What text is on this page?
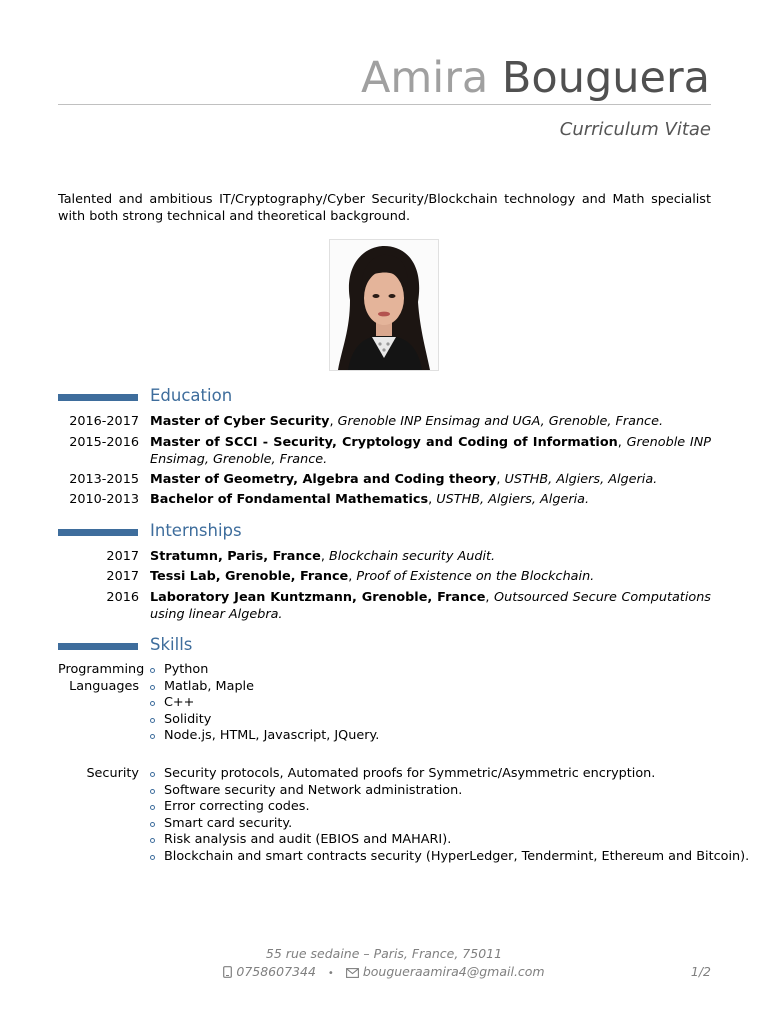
Amira Bouguera
Curriculum Vitae
Talented and ambitious IT/Cryptography/Cyber Security/Blockchain technology and Math specialist with both strong technical and theoretical background.
Education
2016-2017 Master of Cyber Security, Grenoble INP Ensimag and UGA, Grenoble, France.
2015-2016 Master of SCCI - Security, Cryptology and Coding of Information, Grenoble INP Ensimag, Grenoble, France.
2013-2015 Master of Geometry, Algebra and Coding theory, USTHB, Algiers, Algeria.
2010-2013 Bachelor of Fondamental Mathematics, USTHB, Algiers, Algeria.
Internships
2017 Stratumn, Paris, France, Blockchain security Audit.
2017 Tessi Lab, Grenoble, France, Proof of Existence on the Blockchain.
2016 Laboratory Jean Kuntzmann, Grenoble, France, Outsourced Secure Computations using linear Algebra.
Skills
Programming
Languages
Python
Matlab, Maple
C++
Solidity
Node.js, HTML, Javascript, JQuery.
Security	Security protocols, Automated proofs for Symmetric/Asymmetric encryption.
Software security and Network administration.
Error correcting codes.
Smart card security.
Risk analysis and audit (EBIOS and MAHARI).
Blockchain and smart contracts security (HyperLedger, Tendermint, Ethereum and Bitcoin).
55 rue sedaine – Paris, France, 75011
0758607344 • bougueraamira4@gmail.com	1/2
